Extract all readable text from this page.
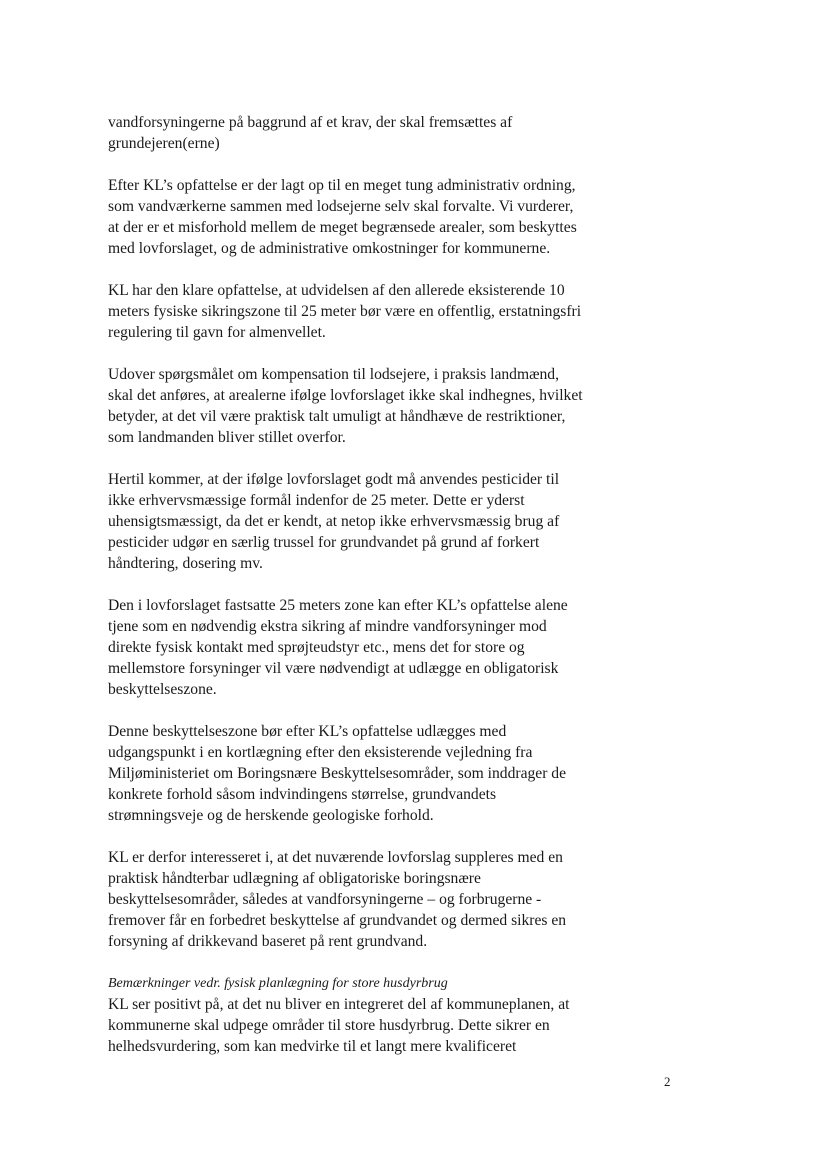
vandforsyningerne på baggrund af et krav, der skal fremsættes af
grundejeren(erne)

Efter KL’s opfattelse er der lagt op til en meget tung administrativ ordning,
som vandværkerne sammen med lodsejerne selv skal forvalte. Vi vurderer,
at der er et misforhold mellem de meget begrænsede arealer, som beskyttes
med lovforslaget, og de administrative omkostninger for kommunerne.

KL har den klare opfattelse, at udvidelsen af den allerede eksisterende 10
meters fysiske sikringszone til 25 meter bør være en offentlig, erstatningsfri
regulering til gavn for almenvellet.

Udover spørgsmålet om kompensation til lodsejere, i praksis landmænd,
skal det anføres, at arealerne ifølge lovforslaget ikke skal indhegnes, hvilket
betyder, at det vil være praktisk talt umuligt at håndhæve de restriktioner,
som landmanden bliver stillet overfor.

Hertil kommer, at der ifølge lovforslaget godt må anvendes pesticider til
ikke erhvervsmæssige formål indenfor de 25 meter. Dette er yderst
uhensigtsmæssigt, da det er kendt, at netop ikke erhvervsmæssig brug af
pesticider udgør en særlig trussel for grundvandet på grund af forkert
håndtering, dosering mv.

Den i lovforslaget fastsatte 25 meters zone kan efter KL’s opfattelse alene
tjene som en nødvendig ekstra sikring af mindre vandforsyninger mod
direkte fysisk kontakt med sprøjteudstyr etc., mens det for store og
mellemstore forsyninger vil være nødvendigt at udlægge en obligatorisk
beskyttelseszone.

Denne beskyttelseszone bør efter KL’s opfattelse udlægges med
udgangspunkt i en kortlægning efter den eksisterende vejledning fra
Miljøministeriet om Boringsnære Beskyttelsesområder, som inddrager de
konkrete forhold såsom indvindingens størrelse, grundvandets
strømningsveje og de herskende geologiske forhold.

KL er derfor interesseret i, at det nuværende lovforslag suppleres med en
praktisk håndterbar udlægning af obligatoriske boringsnære
beskyttelsesområder, således at vandforsyningerne – og forbrugerne -
fremover får en forbedret beskyttelse af grundvandet og dermed sikres en
forsyning af drikkevand baseret på rent grundvand.

Bemærkninger vedr. fysisk planlægning for store husdyrbrug
KL ser positivt på, at det nu bliver en integreret del af kommuneplanen, at
kommunerne skal udpege områder til store husdyrbrug. Dette sikrer en
helhedsvurdering, som kan medvirke til et langt mere kvalificeret
2
